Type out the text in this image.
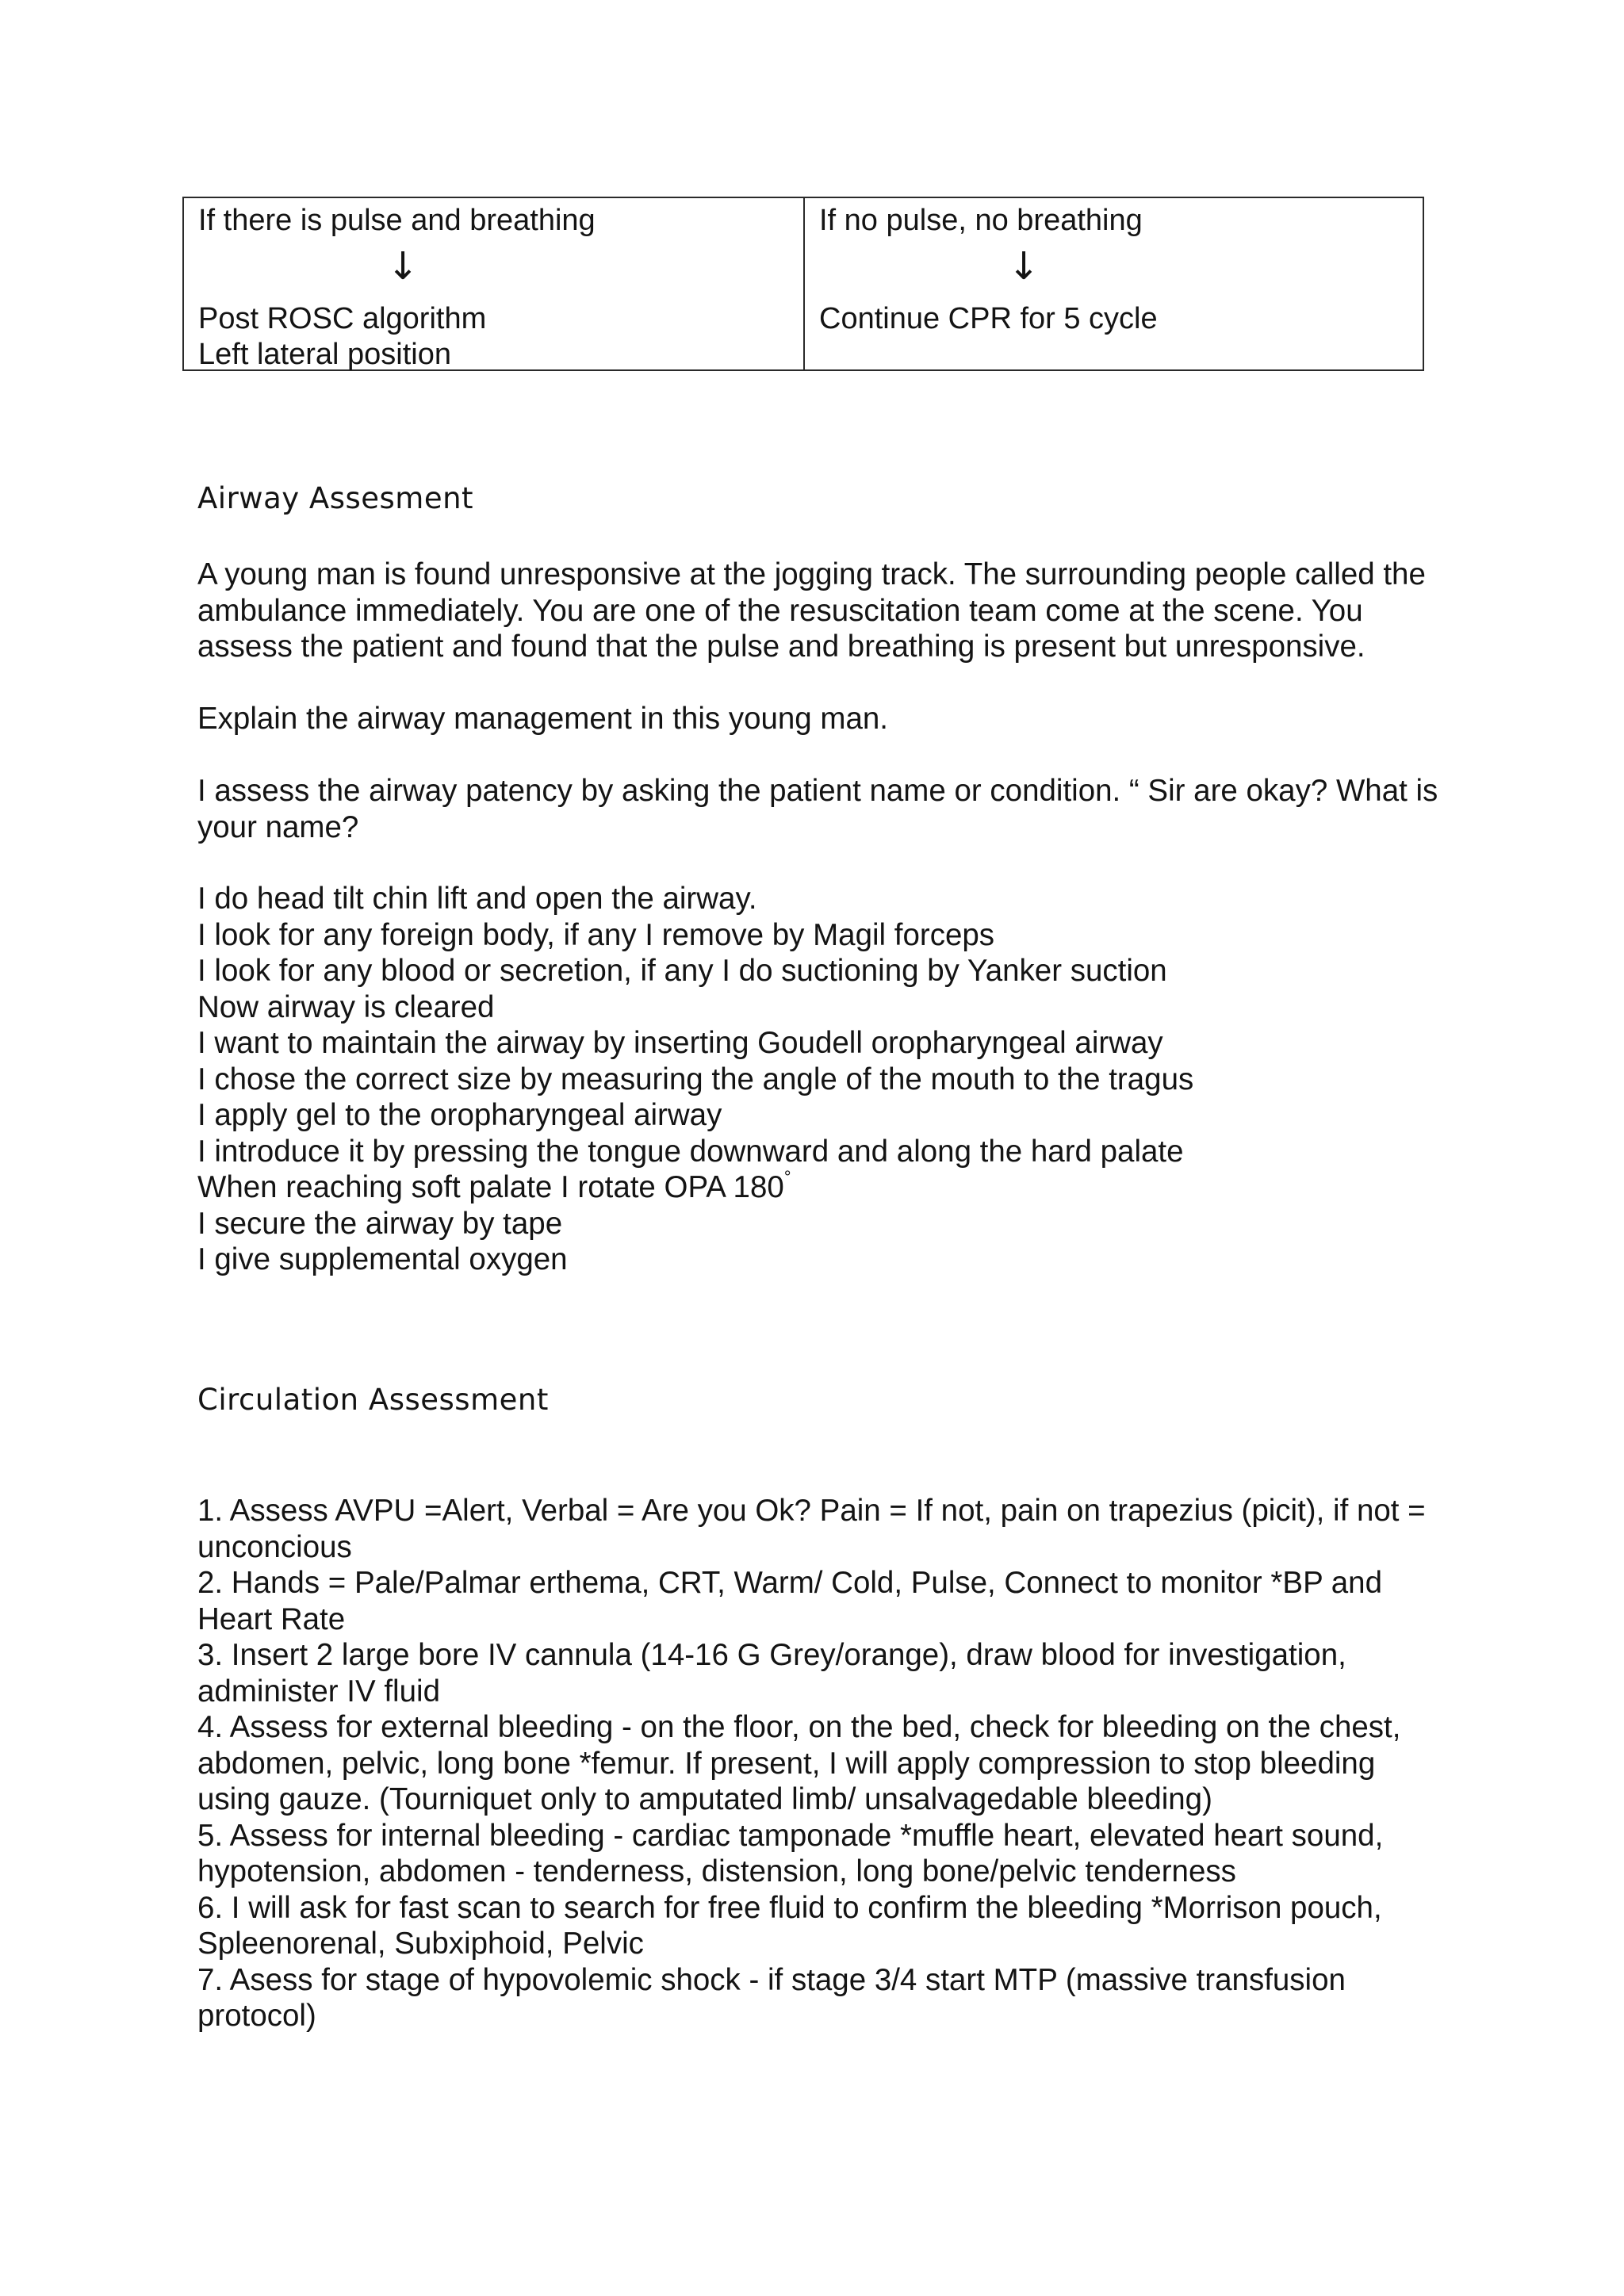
If there is pulse and breathing
↓
Post ROSC algorithm
Left lateral position
If no pulse, no breathing
↓
Continue CPR for 5 cycle
Airway Assesment
A young man is found unresponsive at the jogging track. The surrounding people called the
ambulance immediately. You are one of the resuscitation team come at the scene. You
assess the patient and found that the pulse and breathing is present but unresponsive.
Explain the airway management in this young man.
I assess the airway patency by asking the patient name or condition. “ Sir are okay? What is
your name?
I do head tilt chin lift and open the airway.
I look for any foreign body, if any I remove by Magil forceps
I look for any blood or secretion, if any I do suctioning by Yanker suction
Now airway is cleared
I want to maintain the airway by inserting Goudell oropharyngeal airway
I chose the correct size by measuring the angle of the mouth to the tragus
I apply gel to the oropharyngeal airway
I introduce it by pressing the tongue downward and along the hard palate
When reaching soft palate I rotate OPA 180°
I secure the airway by tape
I give supplemental oxygen
Circulation Assessment
1. Assess AVPU =Alert, Verbal = Are you Ok? Pain = If not, pain on trapezius (picit), if not =
unconcious
2. Hands = Pale/Palmar erthema, CRT, Warm/ Cold, Pulse, Connect to monitor *BP and
Heart Rate
3. Insert 2 large bore IV cannula (14-16 G Grey/orange), draw blood for investigation,
administer IV fluid
4. Assess for external bleeding - on the floor, on the bed, check for bleeding on the chest,
abdomen, pelvic, long bone *femur. If present, I will apply compression to stop bleeding
using gauze. (Tourniquet only to amputated limb/ unsalvagedable bleeding)
5. Assess for internal bleeding - cardiac tamponade *muffle heart, elevated heart sound,
hypotension, abdomen - tenderness, distension, long bone/pelvic tenderness
6. I will ask for fast scan to search for free fluid to confirm the bleeding *Morrison pouch,
Spleenorenal, Subxiphoid, Pelvic
7. Asess for stage of hypovolemic shock - if stage 3/4 start MTP (massive transfusion
protocol)
